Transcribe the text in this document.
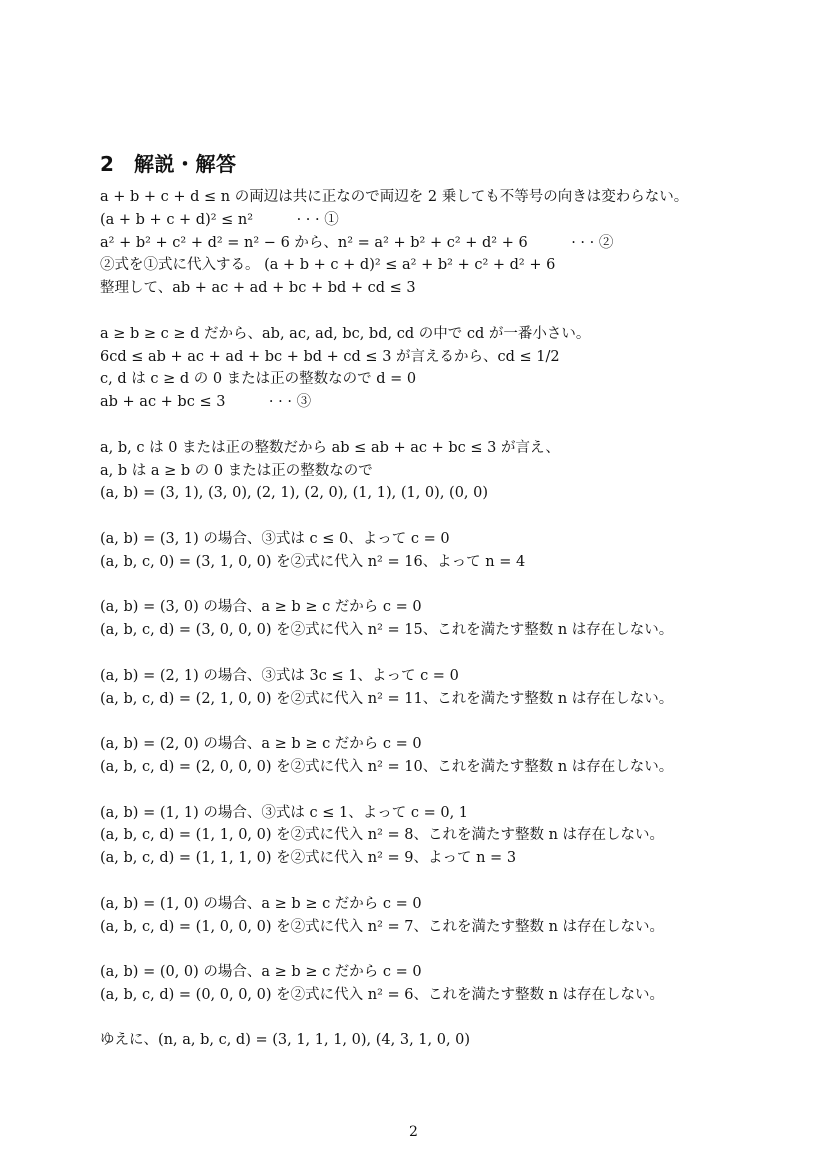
2 解説・解答
a + b + c + d ≤ n の両辺は共に正なので両辺を 2 乗しても不等号の向きは変わらない。
(a + b + c + d)² ≤ n²　　　· · · ①
a² + b² + c² + d² = n² − 6 から、n² = a² + b² + c² + d² + 6　　　· · · ②
②式を①式に代入する。 (a + b + c + d)² ≤ a² + b² + c² + d² + 6
整理して、ab + ac + ad + bc + bd + cd ≤ 3
a ≥ b ≥ c ≥ d だから、ab, ac, ad, bc, bd, cd の中で cd が一番小さい。
6cd ≤ ab + ac + ad + bc + bd + cd ≤ 3 が言えるから、cd ≤ 1/2
c, d は c ≥ d の 0 または正の整数なので d = 0
ab + ac + bc ≤ 3　　　· · · ③
a, b, c は 0 または正の整数だから ab ≤ ab + ac + bc ≤ 3 が言え、
a, b は a ≥ b の 0 または正の整数なので
(a, b) = (3, 1), (3, 0), (2, 1), (2, 0), (1, 1), (1, 0), (0, 0)
(a, b) = (3, 1) の場合、③式は c ≤ 0、よって c = 0
(a, b, c, 0) = (3, 1, 0, 0) を②式に代入 n² = 16、よって n = 4
(a, b) = (3, 0) の場合、a ≥ b ≥ c だから c = 0
(a, b, c, d) = (3, 0, 0, 0) を②式に代入 n² = 15、これを満たす整数 n は存在しない。
(a, b) = (2, 1) の場合、③式は 3c ≤ 1、よって c = 0
(a, b, c, d) = (2, 1, 0, 0) を②式に代入 n² = 11、これを満たす整数 n は存在しない。
(a, b) = (2, 0) の場合、a ≥ b ≥ c だから c = 0
(a, b, c, d) = (2, 0, 0, 0) を②式に代入 n² = 10、これを満たす整数 n は存在しない。
(a, b) = (1, 1) の場合、③式は c ≤ 1、よって c = 0, 1
(a, b, c, d) = (1, 1, 0, 0) を②式に代入 n² = 8、これを満たす整数 n は存在しない。
(a, b, c, d) = (1, 1, 1, 0) を②式に代入 n² = 9、よって n = 3
(a, b) = (1, 0) の場合、a ≥ b ≥ c だから c = 0
(a, b, c, d) = (1, 0, 0, 0) を②式に代入 n² = 7、これを満たす整数 n は存在しない。
(a, b) = (0, 0) の場合、a ≥ b ≥ c だから c = 0
(a, b, c, d) = (0, 0, 0, 0) を②式に代入 n² = 6、これを満たす整数 n は存在しない。
ゆえに、(n, a, b, c, d) = (3, 1, 1, 1, 0), (4, 3, 1, 0, 0)
2
